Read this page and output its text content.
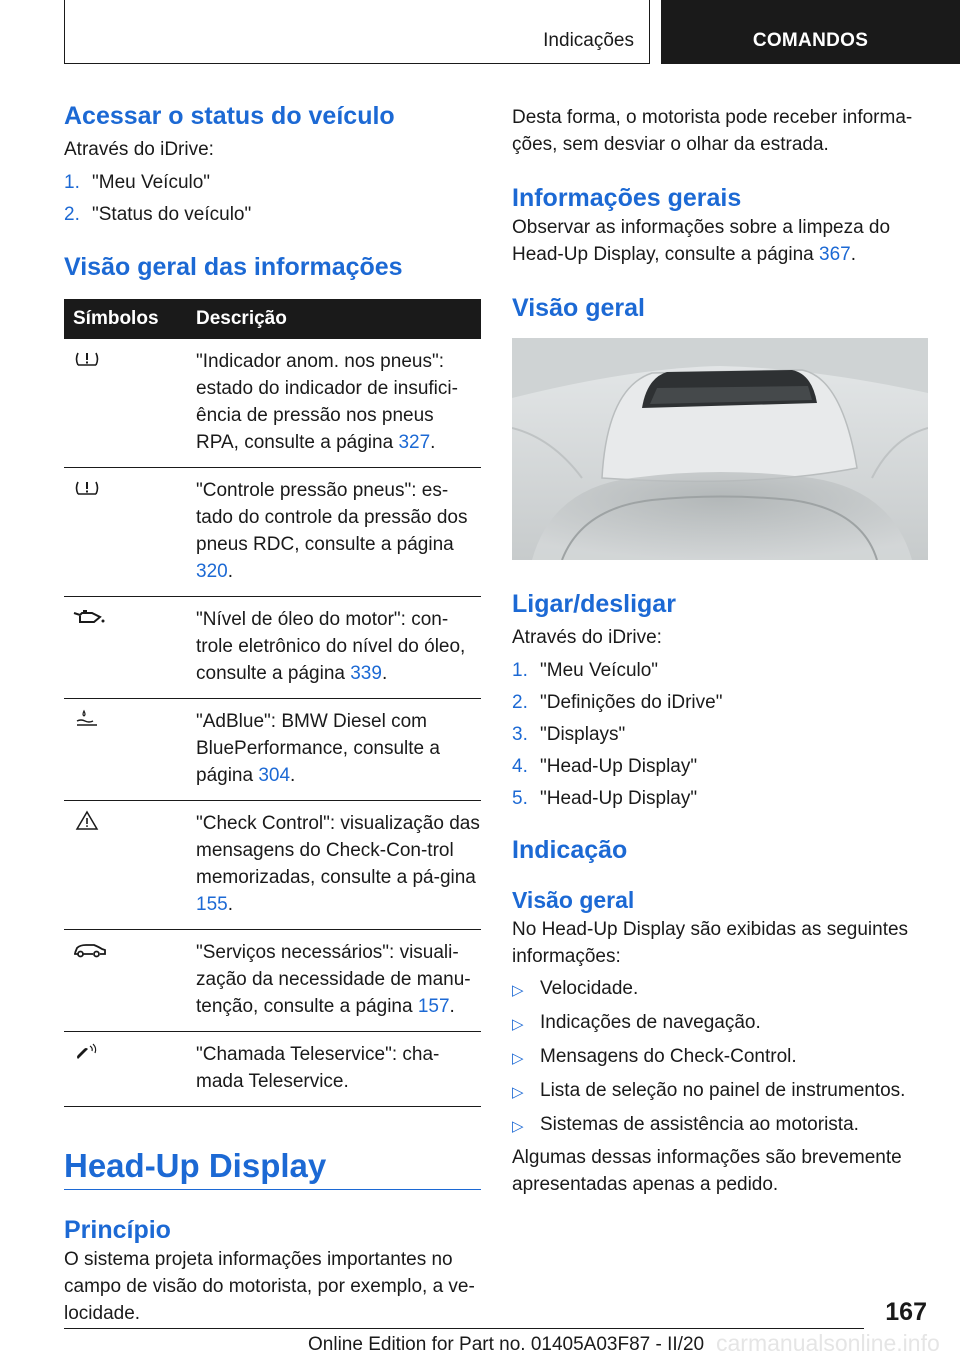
Indicações	COMANDOS
Acessar o status do veículo

Através do iDrive:

1. "Meu Veículo"
2. "Status do veículo"
Visão geral das informações
Símbolos	Descrição
	"Indicador anom. nos pneus": estado do indicador de insufici-ência de pressão nos pneus RPA, consulte a página 327.
	"Controle pressão pneus": es-tado do controle da pressão dos pneus RDC, consulte a página 320.
	"Nível de óleo do motor": con-trole eletrônico do nível do óleo, consulte a página 339.
	"AdBlue": BMW Diesel com BluePerformance, consulte a página 304.
	"Check Control": visualização das mensagens do Check-Con-trol memorizadas, consulte a pá-gina 155.
	"Serviços necessários": visuali-zação da necessidade de manu-tenção, consulte a página 157.
	"Chamada Teleservice": cha-mada Teleservice.
Head-Up Display
Princípio

O sistema projeta informações importantes no campo de visão do motorista, por exemplo, a ve-locidade.

Desta forma, o motorista pode receber informa-ções, sem desviar o olhar da estrada.

Informações gerais

Observar as informações sobre a limpeza do Head-Up Display, consulte a página 367.

Visão geral
Ligar/desligar

Através do iDrive:

1. "Meu Veículo"
2. "Definições do iDrive"
3. "Displays"
4. "Head-Up Display"
5. "Head-Up Display"
Indicação
Visão geral

No Head-Up Display são exibidas as seguintes informações:

▷ Velocidade.
▷ Indicações de navegação.
▷ Mensagens do Check-Control.
▷ Lista de seleção no painel de instrumentos.
▷ Sistemas de assistência ao motorista.

Algumas dessas informações são brevemente apresentadas apenas a pedido.

167
Online Edition for Part no. 01405A03F87 - II/20 carmanualsonline.info
